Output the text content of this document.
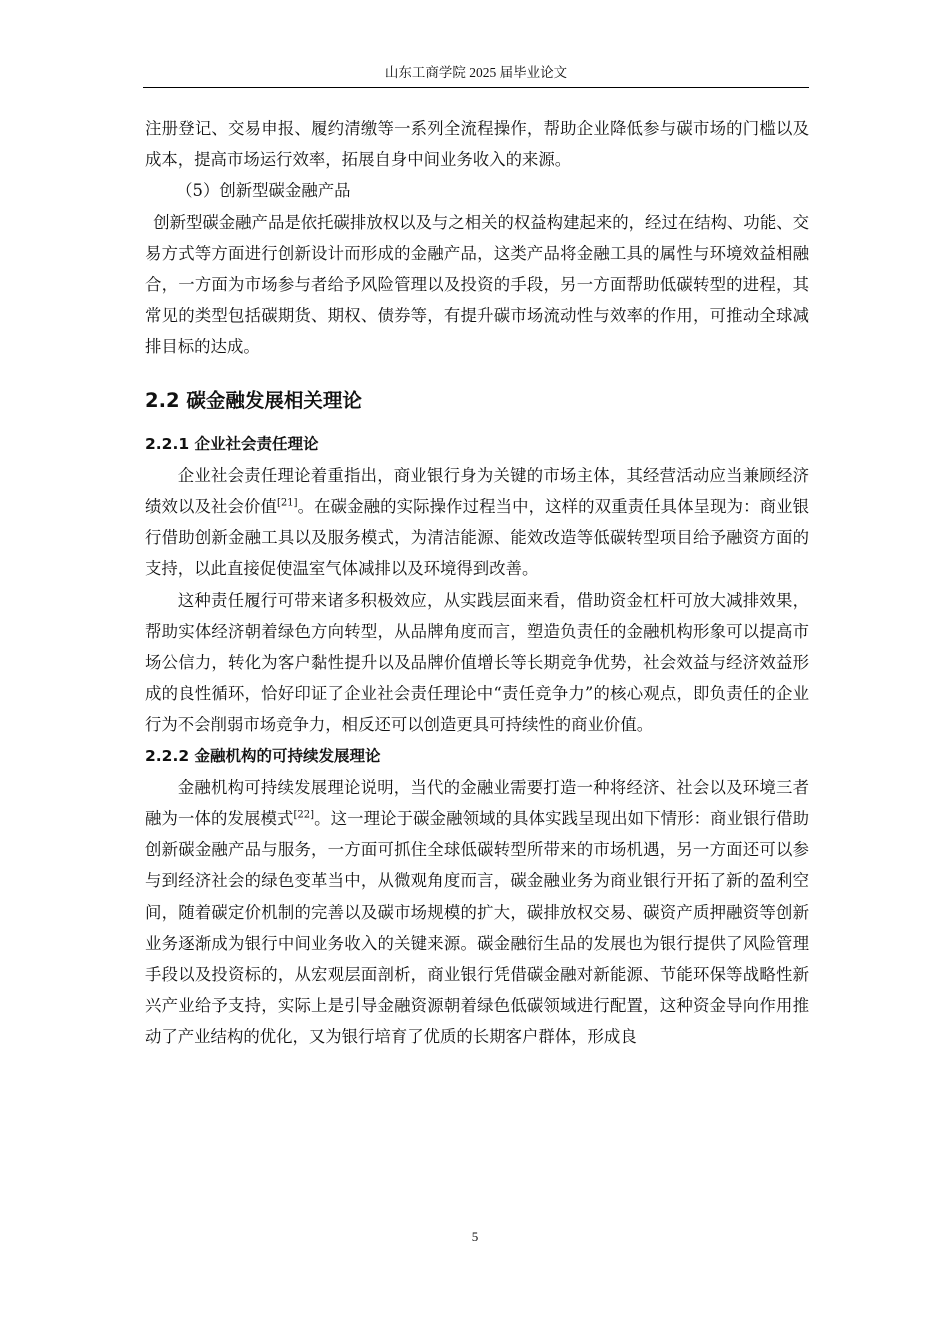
山东工商学院 2025 届毕业论文

注册登记、交易申报、履约清缴等一系列全流程操作，帮助企业降低参与碳市场的门槛以及成本，提高市场运行效率，拓展自身中间业务收入的来源。

（5）创新型碳金融产品

创新型碳金融产品是依托碳排放权以及与之相关的权益构建起来的，经过在结构、功能、交易方式等方面进行创新设计而形成的金融产品，这类产品将金融工具的属性与环境效益相融合，一方面为市场参与者给予风险管理以及投资的手段，另一方面帮助低碳转型的进程，其常见的类型包括碳期货、期权、债券等，有提升碳市场流动性与效率的作用，可推动全球减排目标的达成。

2.2 碳金融发展相关理论
2.2.1 企业社会责任理论

企业社会责任理论着重指出，商业银行身为关键的市场主体，其经营活动应当兼顾经济绩效以及社会价值[21]。在碳金融的实际操作过程当中，这样的双重责任具体呈现为：商业银行借助创新金融工具以及服务模式，为清洁能源、能效改造等低碳转型项目给予融资方面的支持，以此直接促使温室气体减排以及环境得到改善。

这种责任履行可带来诸多积极效应，从实践层面来看，借助资金杠杆可放大减排效果，帮助实体经济朝着绿色方向转型，从品牌角度而言，塑造负责任的金融机构形象可以提高市场公信力，转化为客户黏性提升以及品牌价值增长等长期竞争优势，社会效益与经济效益形成的良性循环，恰好印证了企业社会责任理论中“责任竞争力”的核心观点，即负责任的企业行为不会削弱市场竞争力，相反还可以创造更具可持续性的商业价值。

2.2.2 金融机构的可持续发展理论

金融机构可持续发展理论说明，当代的金融业需要打造一种将经济、社会以及环境三者融为一体的发展模式[22]。这一理论于碳金融领域的具体实践呈现出如下情形：商业银行借助创新碳金融产品与服务，一方面可抓住全球低碳转型所带来的市场机遇，另一方面还可以参与到经济社会的绿色变革当中，从微观角度而言，碳金融业务为商业银行开拓了新的盈利空间，随着碳定价机制的完善以及碳市场规模的扩大，碳排放权交易、碳资产质押融资等创新业务逐渐成为银行中间业务收入的关键来源。碳金融衍生品的发展也为银行提供了风险管理手段以及投资标的，从宏观层面剖析，商业银行凭借碳金融对新能源、节能环保等战略性新兴产业给予支持，实际上是引导金融资源朝着绿色低碳领域进行配置，这种资金导向作用推动了产业结构的优化，又为银行培育了优质的长期客户群体，形成良

5
